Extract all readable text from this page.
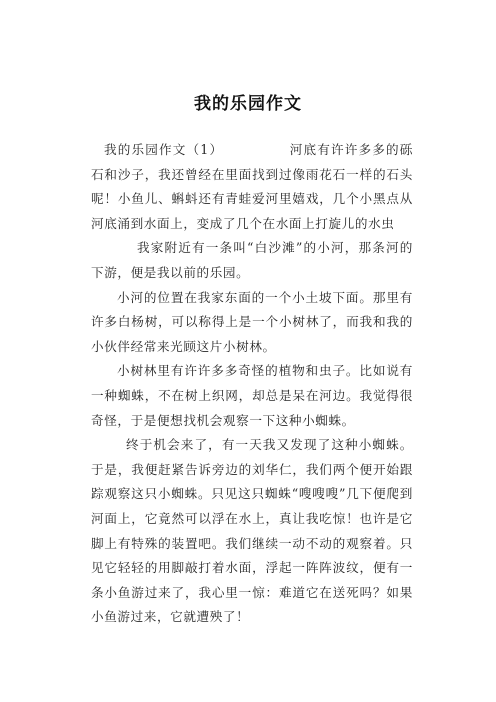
我的乐园作文

我的乐园作文（1）	河底有许许多多的砾石和沙子，我还曾经在里面找到过像雨花石一样的石头呢！小鱼儿、蝌蚪还有青蛙爱河里嬉戏，几个小黑点从河底涌到水面上，变成了几个在水面上打旋儿的水虫

我家附近有一条叫“白沙滩”的小河，那条河的下游，便是我以前的乐园。

小河的位置在我家东面的一个小土坡下面。那里有许多白杨树，可以称得上是一个小树林了，而我和我的小伙伴经常来光顾这片小树林。

小树林里有许许多多奇怪的植物和虫子。比如说有一种蜘蛛，不在树上织网，却总是呆在河边。我觉得很奇怪，于是便想找机会观察一下这种小蜘蛛。

终于机会来了，有一天我又发现了这种小蜘蛛。于是，我便赶紧告诉旁边的刘华仁，我们两个便开始跟踪观察这只小蜘蛛。只见这只蜘蛛“嗖嗖嗖”几下便爬到河面上，它竟然可以浮在水上，真让我吃惊！也许是它脚上有特殊的装置吧。我们继续一动不动的观察着。只见它轻轻的用脚敲打着水面，浮起一阵阵波纹，便有一条小鱼游过来了，我心里一惊：难道它在送死吗？如果小鱼游过来，它就遭殃了！
